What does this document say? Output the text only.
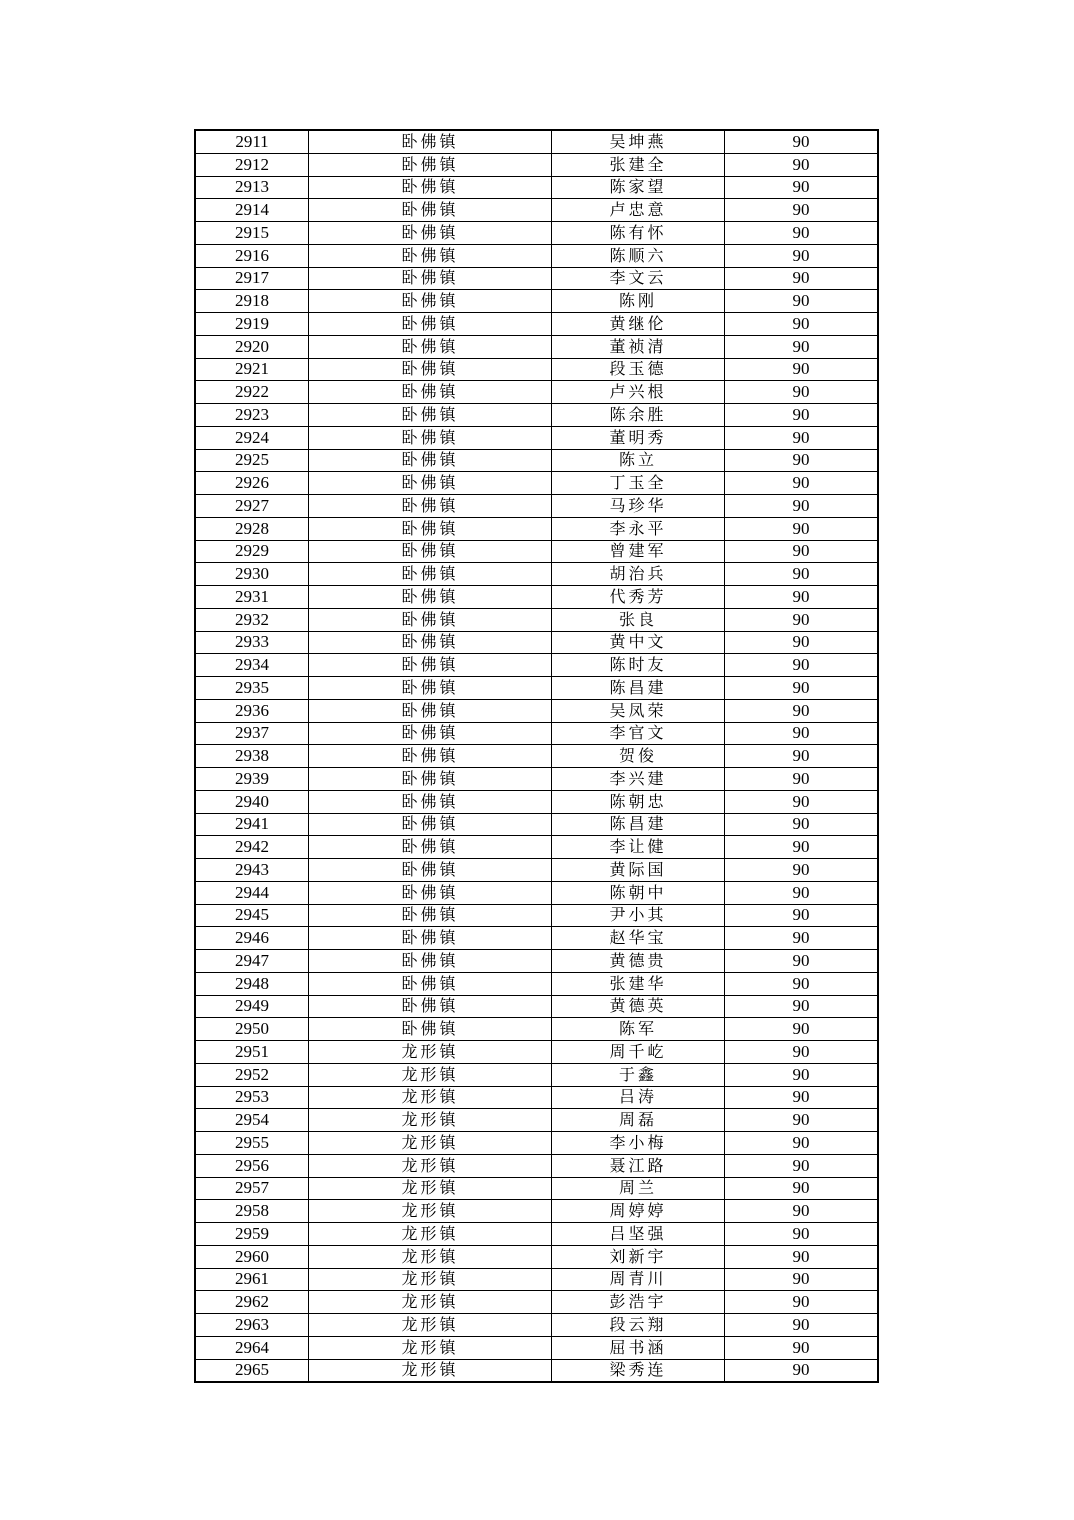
2911	卧佛镇	吴坤燕	90
2912	卧佛镇	张建全	90
2913	卧佛镇	陈家望	90
2914	卧佛镇	卢忠意	90
2915	卧佛镇	陈有怀	90
2916	卧佛镇	陈顺六	90
2917	卧佛镇	李文云	90
2918	卧佛镇	陈刚	90
2919	卧佛镇	黄继伦	90
2920	卧佛镇	董祯清	90
2921	卧佛镇	段玉德	90
2922	卧佛镇	卢兴根	90
2923	卧佛镇	陈余胜	90
2924	卧佛镇	董明秀	90
2925	卧佛镇	陈立	90
2926	卧佛镇	丁玉全	90
2927	卧佛镇	马珍华	90
2928	卧佛镇	李永平	90
2929	卧佛镇	曾建军	90
2930	卧佛镇	胡治兵	90
2931	卧佛镇	代秀芳	90
2932	卧佛镇	张良	90
2933	卧佛镇	黄中文	90
2934	卧佛镇	陈时友	90
2935	卧佛镇	陈昌建	90
2936	卧佛镇	吴凤荣	90
2937	卧佛镇	李官文	90
2938	卧佛镇	贺俊	90
2939	卧佛镇	李兴建	90
2940	卧佛镇	陈朝忠	90
2941	卧佛镇	陈昌建	90
2942	卧佛镇	李让健	90
2943	卧佛镇	黄际国	90
2944	卧佛镇	陈朝中	90
2945	卧佛镇	尹小其	90
2946	卧佛镇	赵华宝	90
2947	卧佛镇	黄德贵	90
2948	卧佛镇	张建华	90
2949	卧佛镇	黄德英	90
2950	卧佛镇	陈军	90
2951	龙形镇	周千屹	90
2952	龙形镇	于鑫	90
2953	龙形镇	吕涛	90
2954	龙形镇	周磊	90
2955	龙形镇	李小梅	90
2956	龙形镇	聂江路	90
2957	龙形镇	周兰	90
2958	龙形镇	周婷婷	90
2959	龙形镇	吕坚强	90
2960	龙形镇	刘新宇	90
2961	龙形镇	周青川	90
2962	龙形镇	彭浩宇	90
2963	龙形镇	段云翔	90
2964	龙形镇	屈书涵	90
2965	龙形镇	梁秀连	90
